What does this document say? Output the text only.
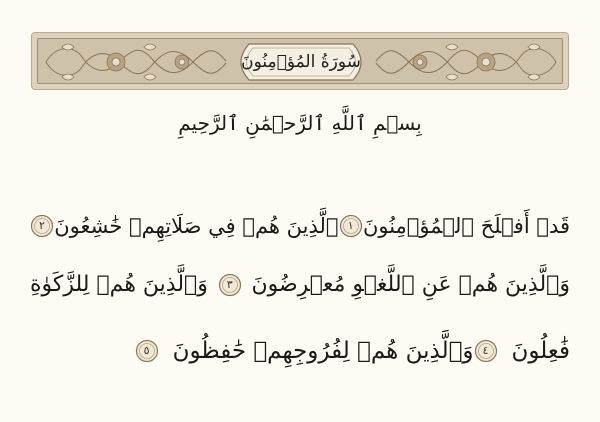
سُورَةُ المُؤۡمِنُونَ
بِسۡمِ ٱللَّهِ ٱلرَّحۡمَٰنِ ٱلرَّحِيمِ
قَدۡ أَفۡلَحَ ٱلۡمُؤۡمِنُونَ
١
ٱلَّذِينَ هُمۡ فِي صَلَاتِهِمۡ خَٰشِعُونَ
٢
وَٱلَّذِينَ هُمۡ عَنِ ٱللَّغۡوِ مُعۡرِضُونَ
٣
وَٱلَّذِينَ هُمۡ لِلزَّكَوٰةِ
فَٰعِلُونَ
٤
وَٱلَّذِينَ هُمۡ لِفُرُوجِهِمۡ حَٰفِظُونَ
٥
